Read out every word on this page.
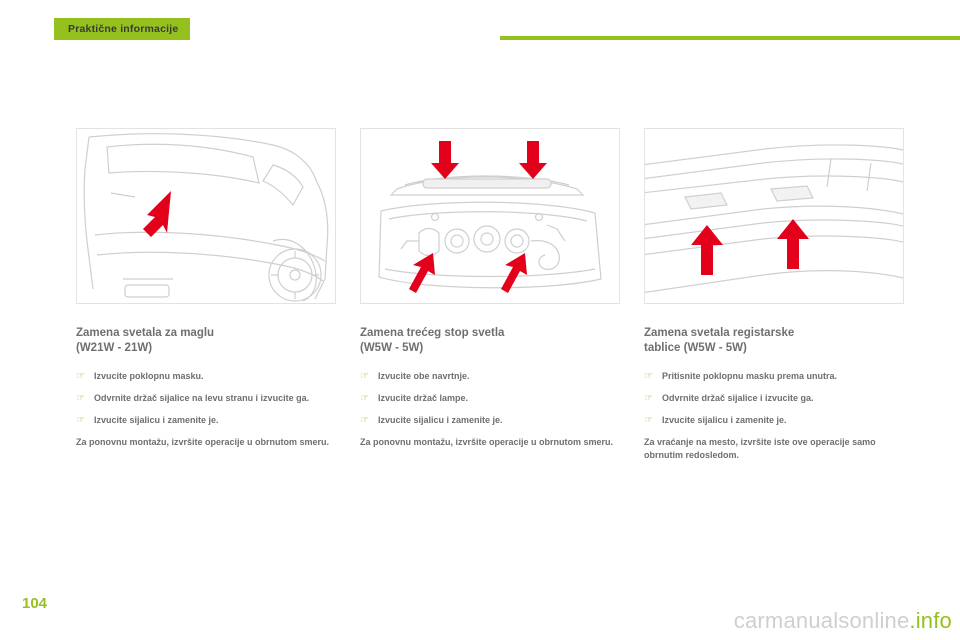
Praktične informacije
Zamena svetala za maglu
(W21W - 21W)
☞	Izvucite poklopnu masku.
☞	Odvrnite držač sijalice na levu stranu i izvucite ga.
☞	Izvucite sijalicu i zamenite je.
Za ponovnu montažu, izvršite operacije u obrnutom smeru.
Zamena trećeg stop svetla
(W5W - 5W)
☞	Izvucite obe navrtnje.
☞	Izvucite držač lampe.
☞	Izvucite sijalicu i zamenite je.
Za ponovnu montažu, izvršite operacije u obrnutom smeru.
Zamena svetala registarske
tablice (W5W - 5W)
☞	Pritisnite poklopnu masku prema unutra.
☞	Odvrnite držač sijalice i izvucite ga.
☞	Izvucite sijalicu i zamenite je.
Za vraćanje na mesto, izvršite iste ove operacije samo obrnutim redosledom.
104
carmanualsonline.info
